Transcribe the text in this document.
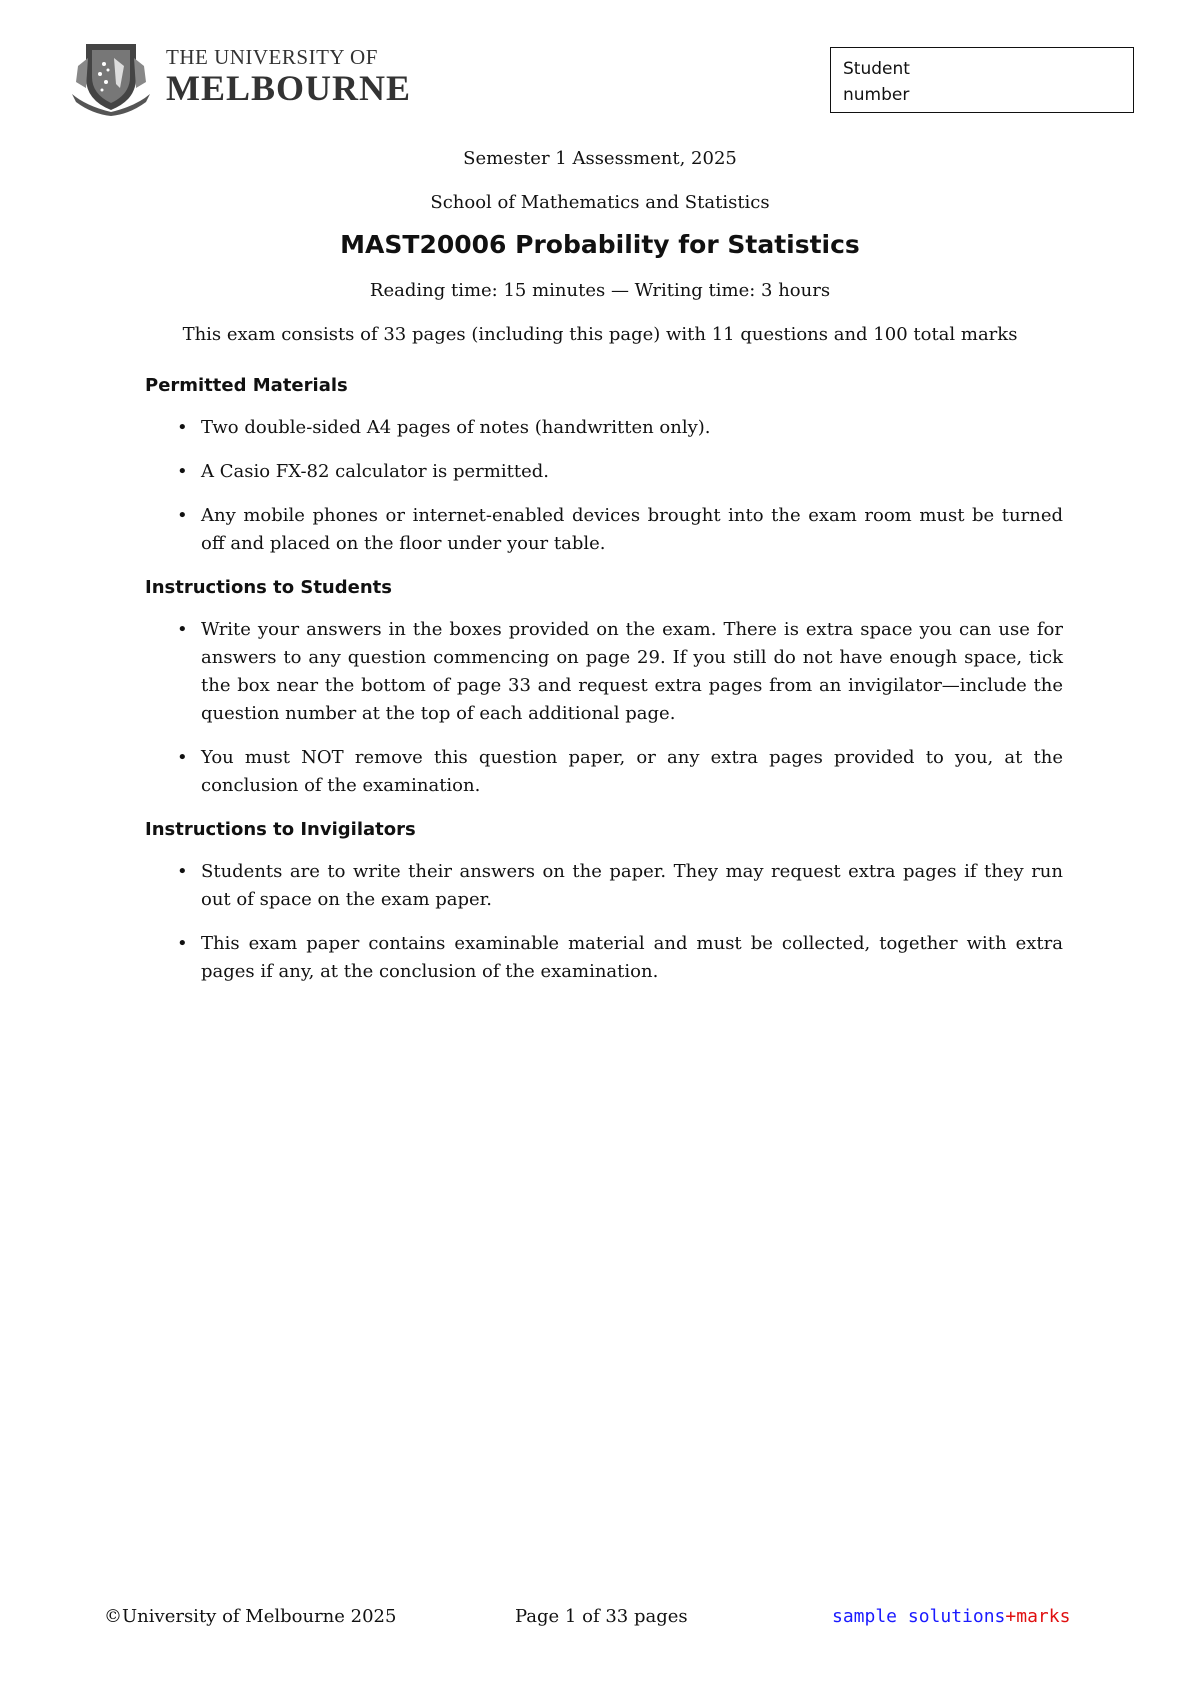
THE UNIVERSITY OF
MELBOURNE	Student
number
Semester 1 Assessment, 2025
School of Mathematics and Statistics
MAST20006 Probability for Statistics
Reading time: 15 minutes — Writing time: 3 hours
This exam consists of 33 pages (including this page) with 11 questions and 100 total marks
Permitted Materials
• Two double-sided A4 pages of notes (handwritten only).
• A Casio FX-82 calculator is permitted.
• Any mobile phones or internet-enabled devices brought into the exam room must be turned off and placed on the floor under your table.
Instructions to Students
• Write your answers in the boxes provided on the exam. There is extra space you can use for answers to any question commencing on page 29. If you still do not have enough space, tick the box near the bottom of page 33 and request extra pages from an invigilator—include the question number at the top of each additional page.
• You must NOT remove this question paper, or any extra pages provided to you, at the conclusion of the examination.
Instructions to Invigilators
• Students are to write their answers on the paper. They may request extra pages if they run out of space on the exam paper.
• This exam paper contains examinable material and must be collected, together with extra pages if any, at the conclusion of the examination.
©University of Melbourne 2025	Page 1 of 33 pages	sample solutions+marks
